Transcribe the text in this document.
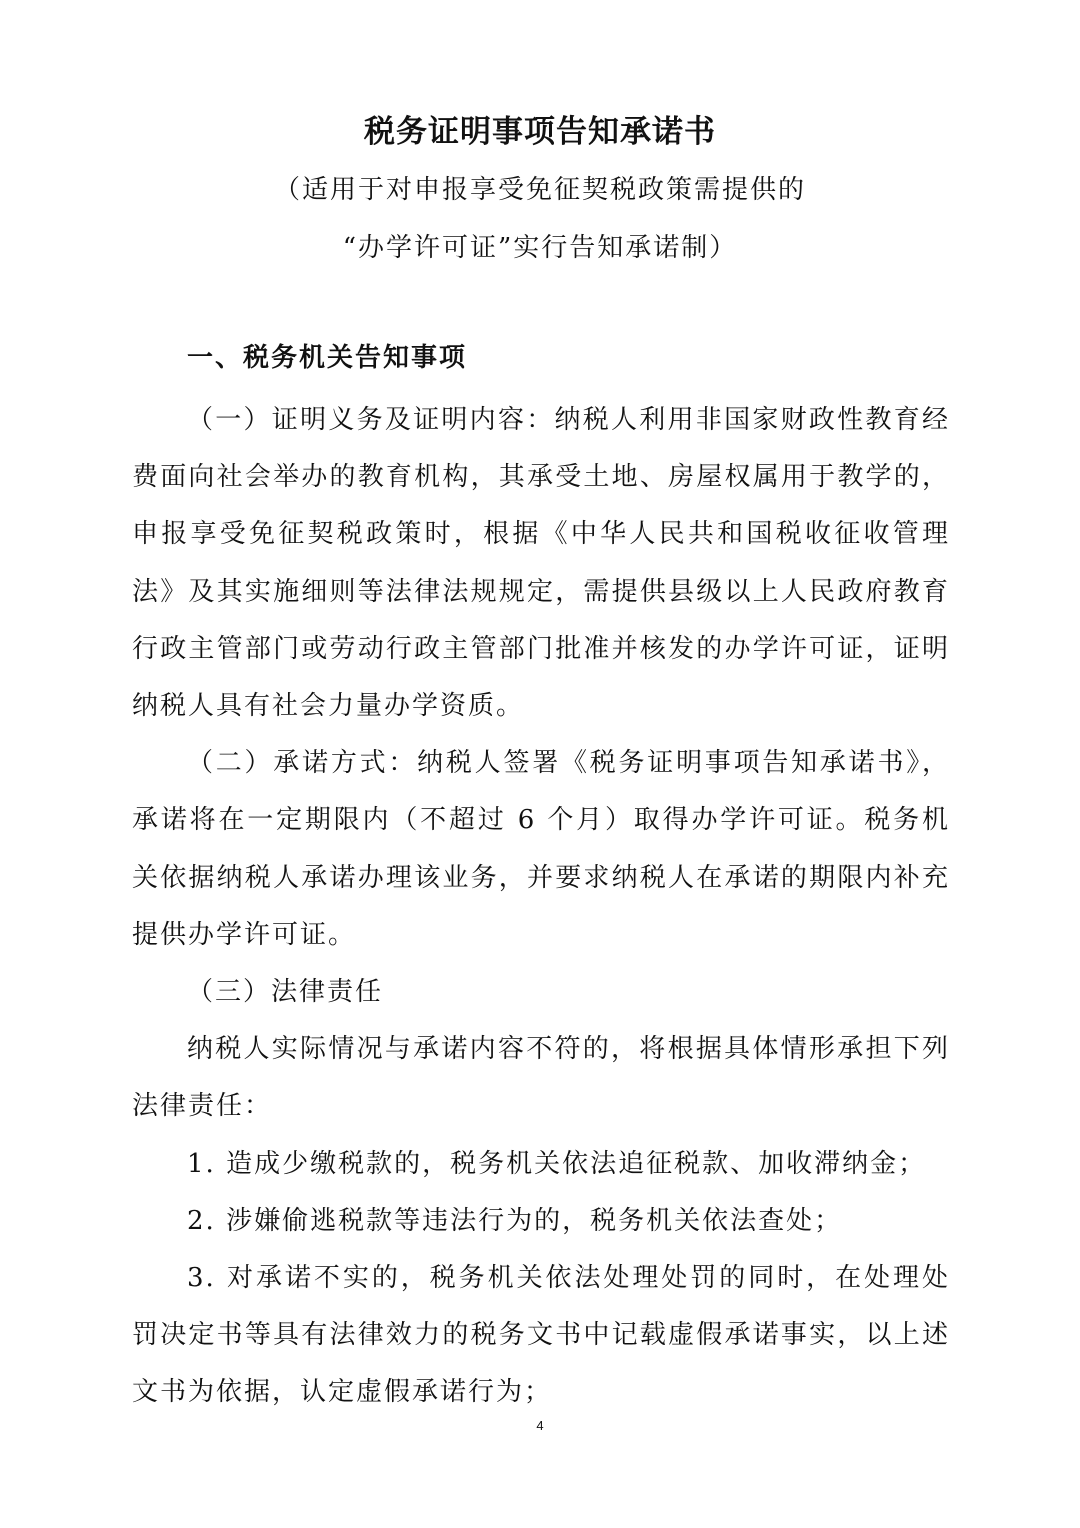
税务证明事项告知承诺书

（适用于对申报享受免征契税政策需提供的

“办学许可证”实行告知承诺制）

一、税务机关告知事项

（一）证明义务及证明内容：纳税人利用非国家财政性教育经费面向社会举办的教育机构，其承受土地、房屋权属用于教学的，申报享受免征契税政策时，根据《中华人民共和国税收征收管理法》及其实施细则等法律法规规定，需提供县级以上人民政府教育行政主管部门或劳动行政主管部门批准并核发的办学许可证，证明纳税人具有社会力量办学资质。

（二）承诺方式：纳税人签署《税务证明事项告知承诺书》，承诺将在一定期限内（不超过 6 个月）取得办学许可证。税务机关依据纳税人承诺办理该业务，并要求纳税人在承诺的期限内补充提供办学许可证。

（三）法律责任

纳税人实际情况与承诺内容不符的，将根据具体情形承担下列法律责任：

1. 造成少缴税款的，税务机关依法追征税款、加收滞纳金；

2. 涉嫌偷逃税款等违法行为的，税务机关依法查处；

3. 对承诺不实的，税务机关依法处理处罚的同时，在处理处罚决定书等具有法律效力的税务文书中记载虚假承诺事实，以上述文书为依据，认定虚假承诺行为；

4
